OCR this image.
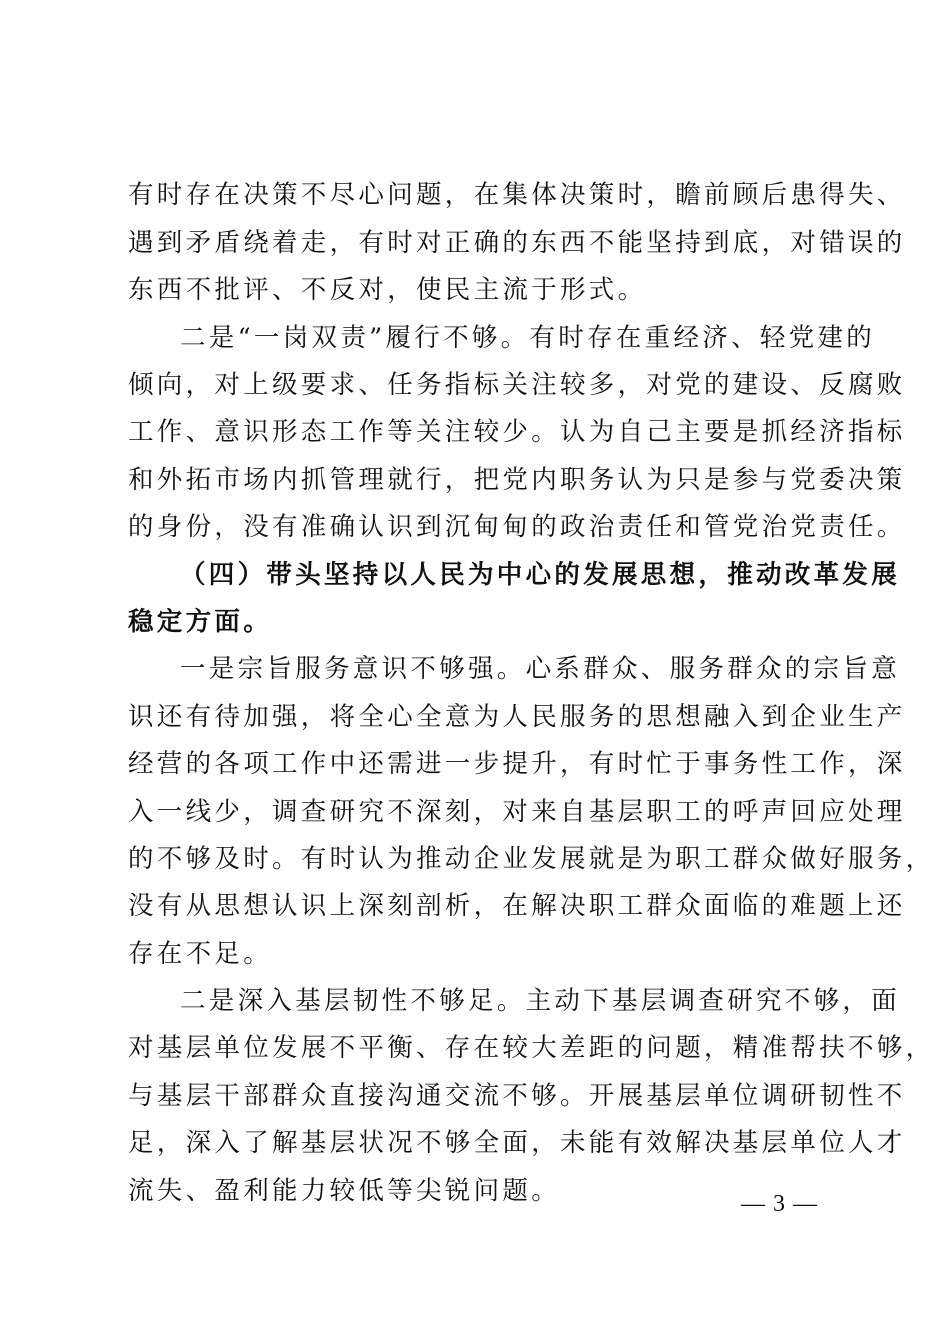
有时存在决策不尽心问题，在集体决策时，瞻前顾后患得失、
遇到矛盾绕着走，有时对正确的东西不能坚持到底，对错误的
东西不批评、不反对，使民主流于形式。
二是“一岗双责”履行不够。有时存在重经济、轻党建的
倾向，对上级要求、任务指标关注较多，对党的建设、反腐败
工作、意识形态工作等关注较少。认为自己主要是抓经济指标
和外拓市场内抓管理就行，把党内职务认为只是参与党委决策
的身份，没有准确认识到沉甸甸的政治责任和管党治党责任。
（四）带头坚持以人民为中心的发展思想，推动改革发展
稳定方面。
一是宗旨服务意识不够强。心系群众、服务群众的宗旨意
识还有待加强，将全心全意为人民服务的思想融入到企业生产
经营的各项工作中还需进一步提升，有时忙于事务性工作，深
入一线少，调查研究不深刻，对来自基层职工的呼声回应处理
的不够及时。有时认为推动企业发展就是为职工群众做好服务，
没有从思想认识上深刻剖析，在解决职工群众面临的难题上还
存在不足。
二是深入基层韧性不够足。主动下基层调查研究不够，面
对基层单位发展不平衡、存在较大差距的问题，精准帮扶不够，
与基层干部群众直接沟通交流不够。开展基层单位调研韧性不
足，深入了解基层状况不够全面，未能有效解决基层单位人才
流失、盈利能力较低等尖锐问题。	— 3 —
